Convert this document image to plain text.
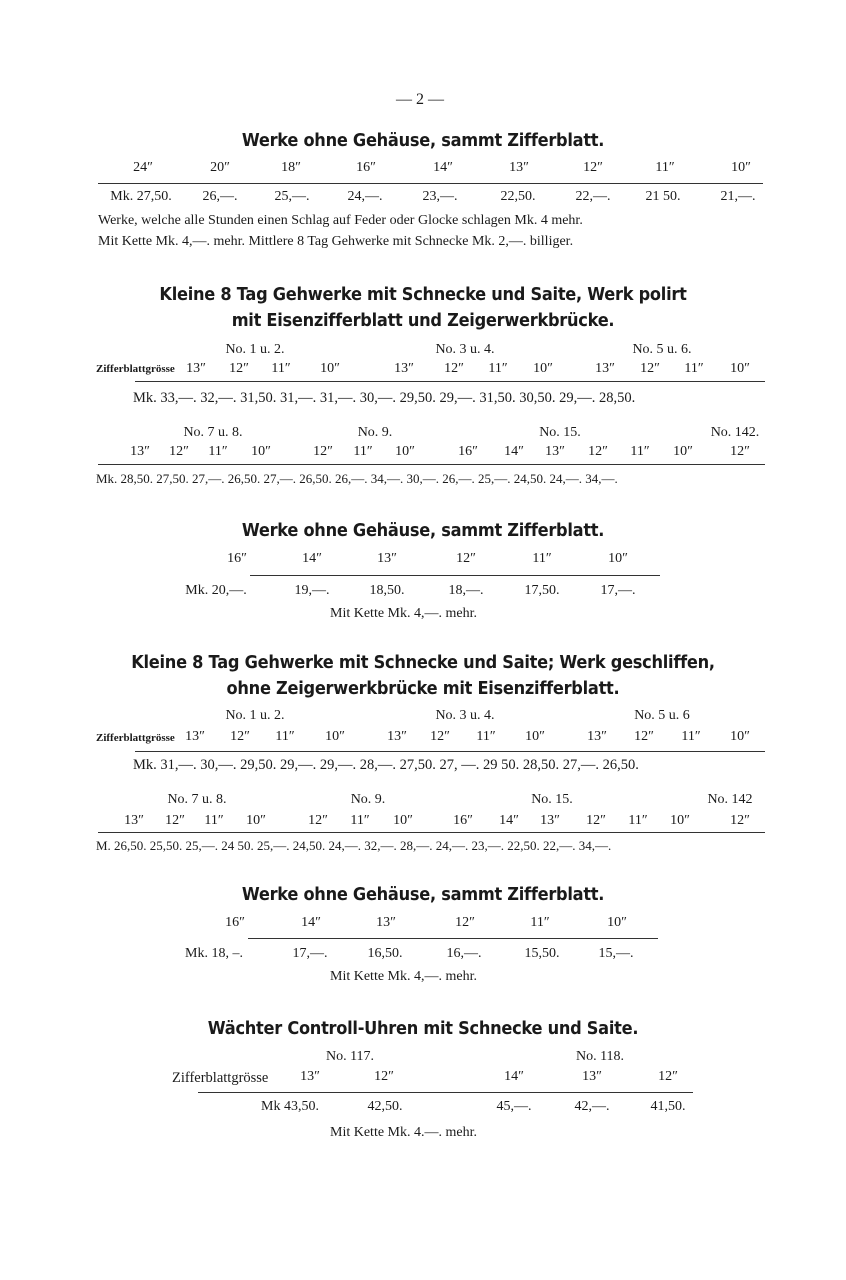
— 2 —
Werke ohne Gehäuse, sammt Zifferblatt.
24″	20″	18″	16″	14″	13″	12″	11″	10″
Mk. 27,50.	26,—.	25,—.	24,—.	23,—.	22,50.	22,—.	21 50.	21,—.
Werke, welche alle Stunden einen Schlag auf Feder oder Glocke schlagen Mk. 4 mehr.
Mit Kette Mk. 4,—. mehr. Mittlere 8 Tag Gehwerke mit Schnecke Mk. 2,—. billiger.
Kleine 8 Tag Gehwerke mit Schnecke und Saite, Werk polirt
mit Eisenzifferblatt und Zeigerwerkbrücke.
No. 1 u. 2.	No. 3 u. 4.	No. 5 u. 6.
Zifferblattgrösse 13″	12″	11″	10″	13″	12″	11″	10″	13″	12″	11″	10″
Mk. 33,—. 32,—. 31,50. 31,—. 31,—. 30,—. 29,50. 29,—. 31,50. 30,50. 29,—. 28,50.
No. 7 u. 8.	No. 9.	No. 15.	No. 142.
13″	12″	11″	10″	12″	11″	10″	16″	14″	13″	12″	11″	10″	12″
Mk. 28,50. 27,50. 27,—. 26,50. 27,—. 26,50. 26,—. 34,—. 30,—. 26,—. 25,—. 24,50. 24,—. 34,—.
Werke ohne Gehäuse, sammt Zifferblatt.
16″	14″	13″	12″	11″	10″
Mk. 20,—.	19,—.	18,50.	18,—.	17,50.	17,—.
Mit Kette Mk. 4,—. mehr.
Kleine 8 Tag Gehwerke mit Schnecke und Saite; Werk geschliffen,
ohne Zeigerwerkbrücke mit Eisenzifferblatt.
No. 1 u. 2.	No. 3 u. 4.	No. 5 u. 6
Zifferblattgrösse 13″	12″	11″	10″	13″	12″	11″	10″	13″	12″	11″	10″
Mk. 31,—. 30,—. 29,50. 29,—. 29,—. 28,—. 27,50. 27, —. 29 50. 28,50. 27,—. 26,50.
No. 7 u. 8.	No. 9.	No. 15.	No. 142
13″	12″	11″	10″	12″	11″	10″	16″	14″	13″	12″	11″	10″	12″
M. 26,50. 25,50. 25,—. 24 50. 25,—. 24,50. 24,—. 32,—. 28,—. 24,—. 23,—. 22,50. 22,—. 34,—.
Werke ohne Gehäuse, sammt Zifferblatt.
16″	14″	13″	12″	11″	10″
Mk. 18, –.	17,—.	16,50.	16,—.	15,50.	15,—.
Mit Kette Mk. 4,—. mehr.
Wächter Controll-Uhren mit Schnecke und Saite.
No. 117.	No. 118.
Zifferblattgrösse	13″	12″	14″	13″	12″
Mk 43,50.	42,50.	45,—.	42,—.	41,50.
Mit Kette Mk. 4.—. mehr.
